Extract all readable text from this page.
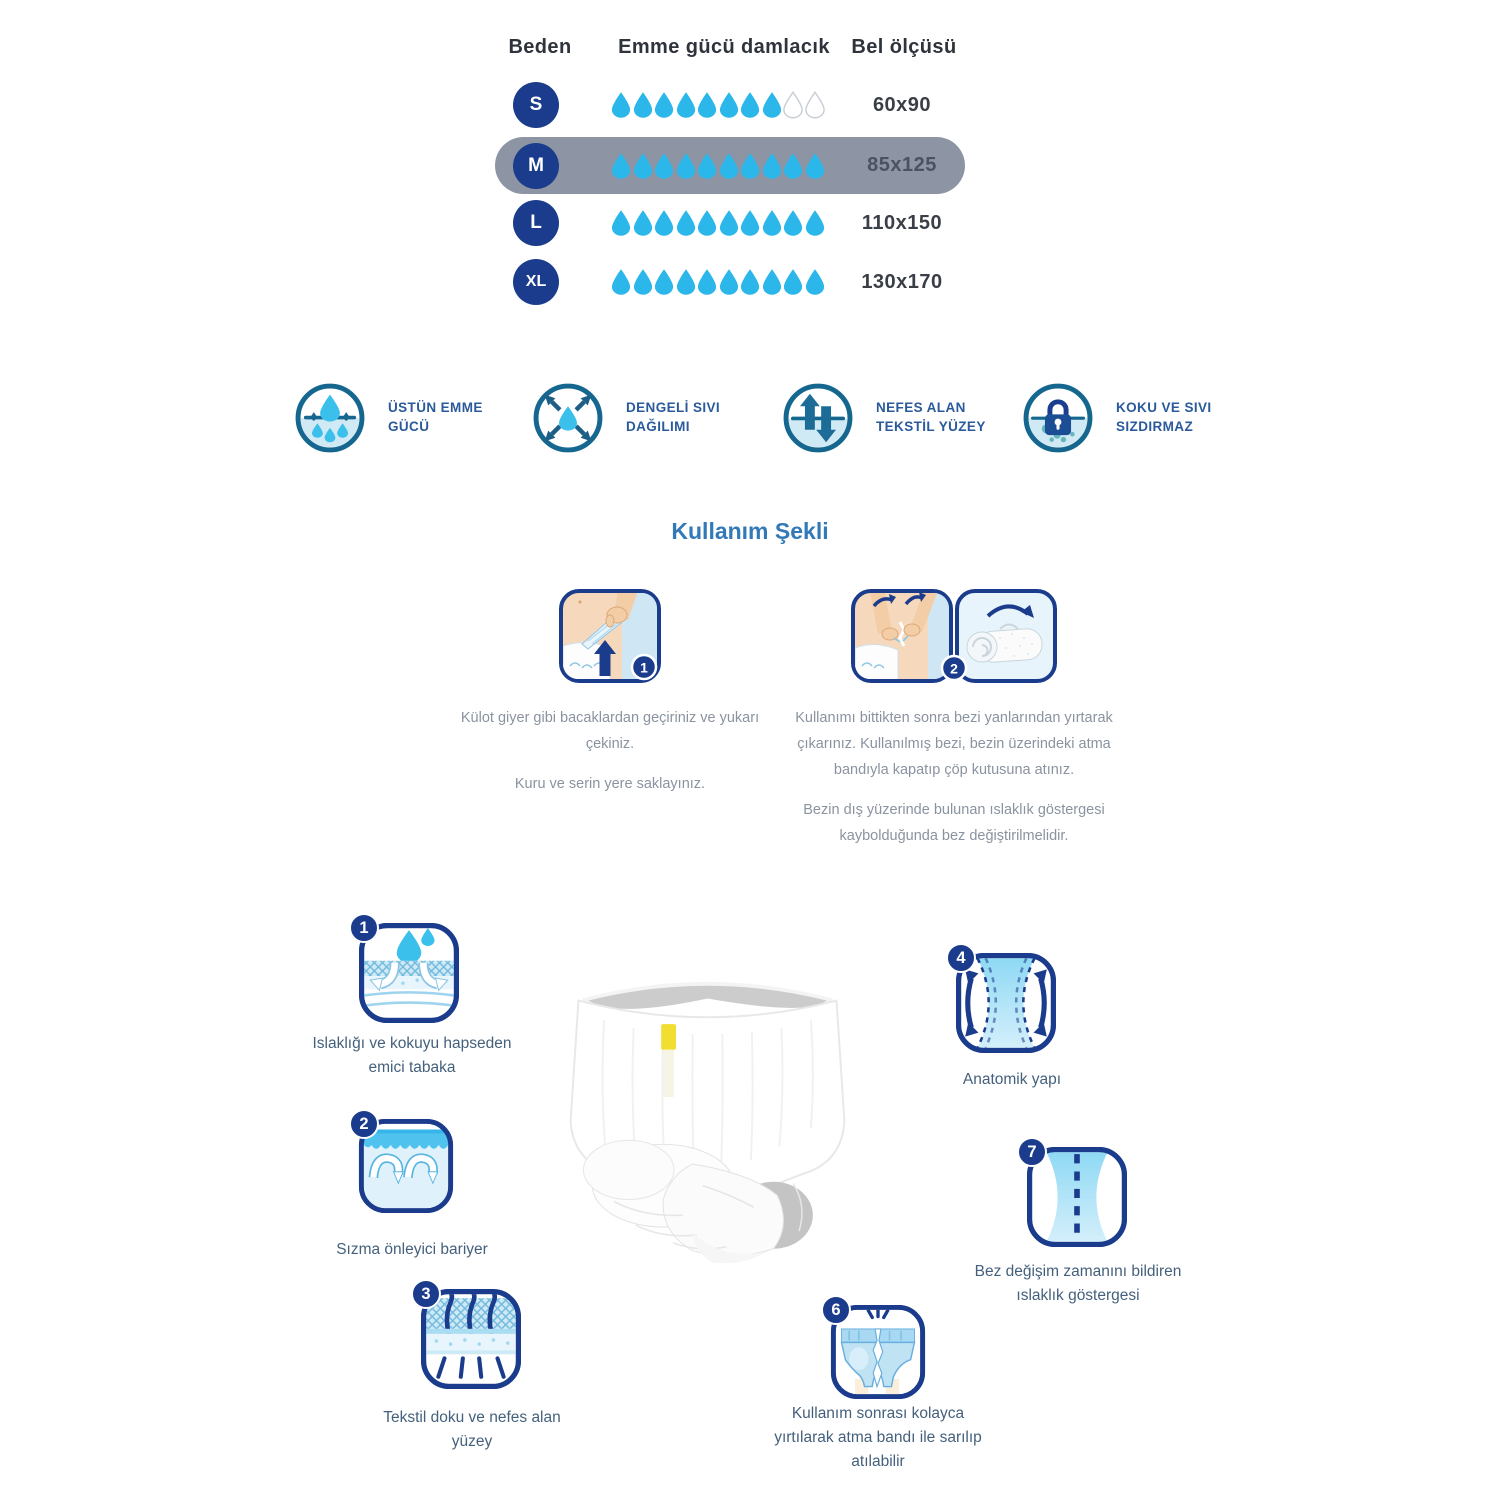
Beden	Emme gücü damlacık	Bel ölçüsü
S	60x90
M	85x125
L	110x150
XL	130x170
ÜSTÜN EMME GÜCÜ
DENGELİ SIVI DAĞILIMI
NEFES ALAN TEKSTİL YÜZEY
KOKU VE SIVI SIZDIRMAZ
Kullanım Şekli
1

Külot giyer gibi bacaklardan geçiriniz ve yukarı çekiniz.

Kuru ve serin yere saklayınız.

2

Kullanımı bittikten sonra bezi yanlarından yırtarak çıkarınız. Kullanılmış bezi, bezin üzerindeki atma bandıyla kapatıp çöp kutusuna atınız.

Bezin dış yüzerinde bulunan ıslaklık göstergesi kaybolduğunda bez değiştirilmelidir.

1
Islaklığı ve kokuyu hapseden emici tabaka
2
Sızma önleyici bariyer
3
Tekstil doku ve nefes alan yüzey
4
Anatomik yapı
7
Bez değişim zamanını bildiren ıslaklık göstergesi
6
Kullanım sonrası kolayca yırtılarak atma bandı ile sarılıp atılabilir
